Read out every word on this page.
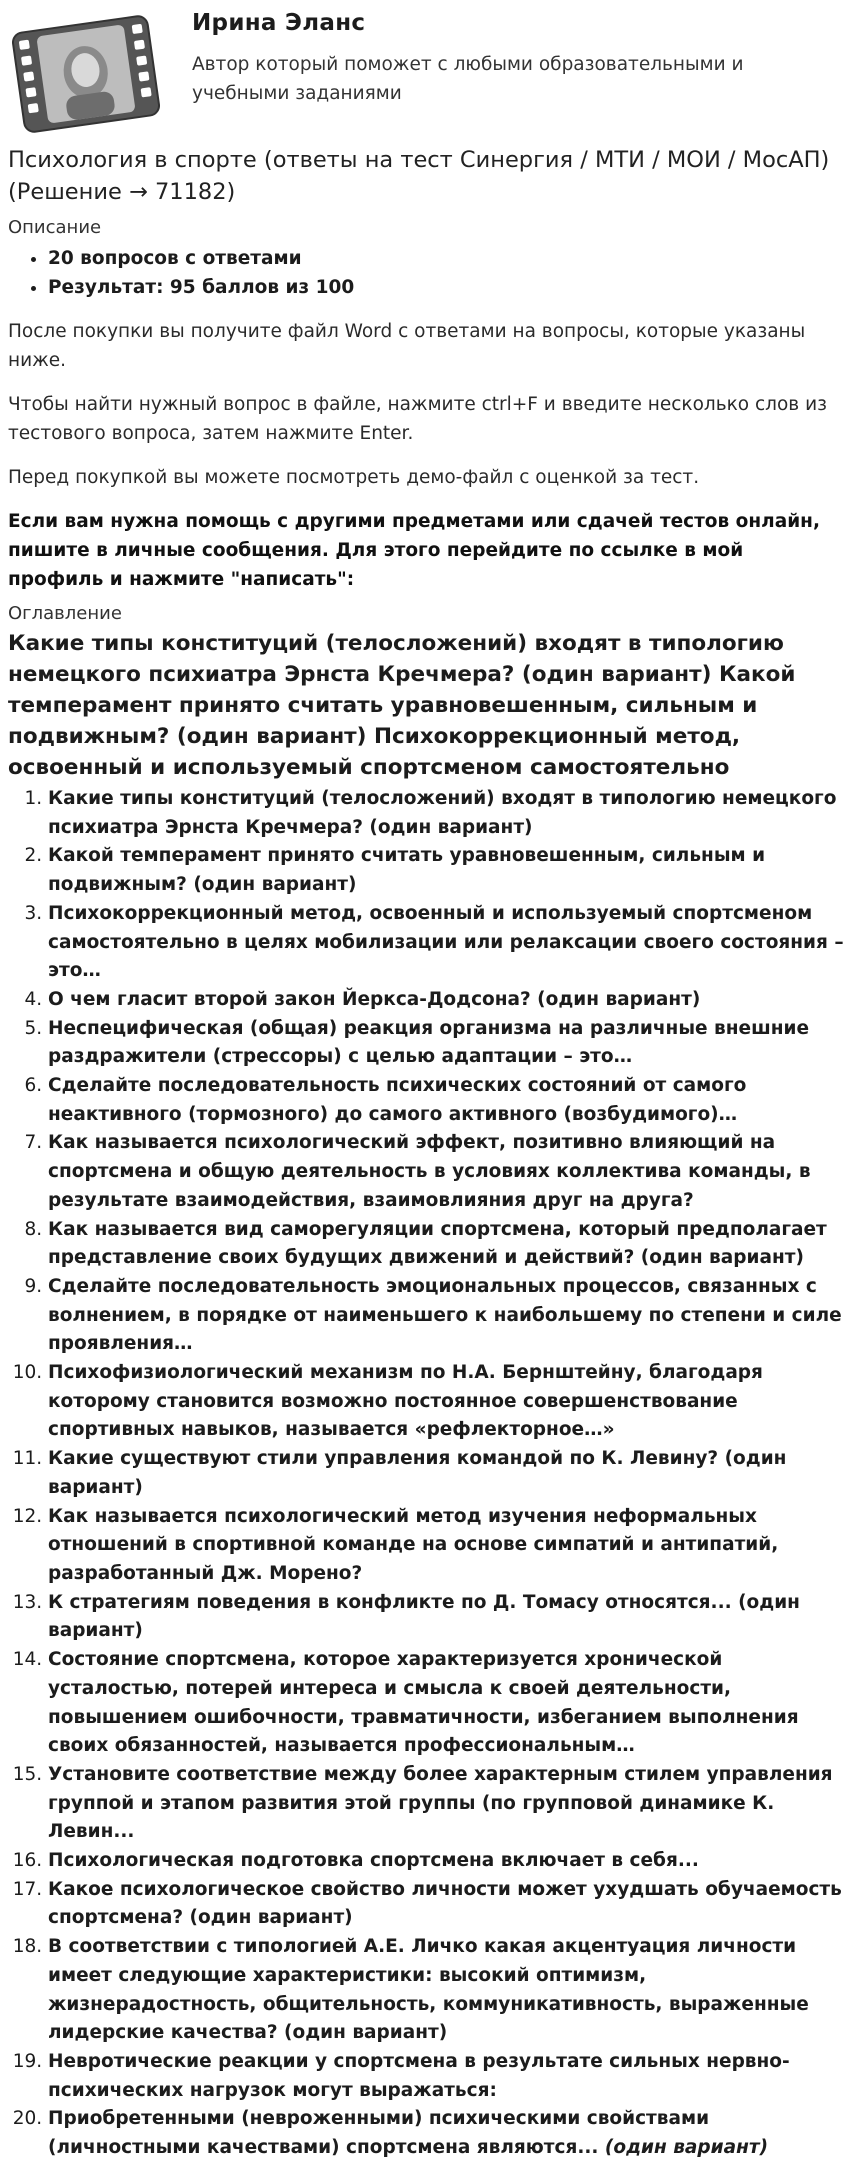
Ирина Эланс
Автор который поможет с любыми образовательными и учебными заданиями
Психология в спорте (ответы на тест Синергия / МТИ / МОИ / МосАП) (Решение → 71182)
Описание
• 20 вопросов с ответами
• Результат: 95 баллов из 100

После покупки вы получите файл Word с ответами на вопросы, которые указаны ниже.

Чтобы найти нужный вопрос в файле, нажмите ctrl+F и введите несколько слов из тестового вопроса, затем нажмите Enter.

Перед покупкой вы можете посмотреть демо-файл с оценкой за тест.

Если вам нужна помощь с другими предметами или сдачей тестов онлайн, пишите в личные сообщения. Для этого перейдите по ссылке в мой профиль и нажмите "написать":

Оглавление
Какие типы конституций (телосложений) входят в типологию немецкого психиатра Эрнста Кречмера? (один вариант) Какой темперамент принято считать уравновешенным, сильным и подвижным? (один вариант) Психокоррекционный метод, освоенный и используемый спортсменом самостоятельно
1. Какие типы конституций (телосложений) входят в типологию немецкого психиатра Эрнста Кречмера? (один вариант)
2. Какой темперамент принято считать уравновешенным, сильным и подвижным? (один вариант)
3. Психокоррекционный метод, освоенный и используемый спортсменом самостоятельно в целях мобилизации или релаксации своего состояния – это…
4. О чем гласит второй закон Йеркса-Додсона? (один вариант)
5. Неспецифическая (общая) реакция организма на различные внешние раздражители (стрессоры) с целью адаптации – это…
6. Сделайте последовательность психических состояний от самого неактивного (тормозного) до самого активного (возбудимого)…
7. Как называется психологический эффект, позитивно влияющий на спортсмена и общую деятельность в условиях коллектива команды, в результате взаимодействия, взаимовлияния друг на друга?
8. Как называется вид саморегуляции спортсмена, который предполагает представление своих будущих движений и действий? (один вариант)
9. Сделайте последовательность эмоциональных процессов, связанных с волнением, в порядке от наименьшего к наибольшему по степени и силе проявления…
10. Психофизиологический механизм по Н.А. Бернштейну, благодаря которому становится возможно постоянное совершенствование спортивных навыков, называется «рефлекторное…»
11. Какие существуют стили управления командой по К. Левину? (один вариант)
12. Как называется психологический метод изучения неформальных отношений в спортивной команде на основе симпатий и антипатий, разработанный Дж. Морено?
13. К стратегиям поведения в конфликте по Д. Томасу относятся... (один вариант)
14. Состояние спортсмена, которое характеризуется хронической усталостью, потерей интереса и смысла к своей деятельности, повышением ошибочности, травматичности, избеганием выполнения своих обязанностей, называется профессиональным…
15. Установите соответствие между более характерным стилем управления группой и этапом развития этой группы (по групповой динамике К. Левин...
16. Психологическая подготовка спортсмена включает в себя...
17. Какое психологическое свойство личности может ухудшать обучаемость спортсмена? (один вариант)
18. В соответствии с типологией А.Е. Личко какая акцентуация личности имеет следующие характеристики: высокий оптимизм, жизнерадостность, общительность, коммуникативность, выраженные лидерские качества? (один вариант)
19. Невротические реакции у спортсмена в результате сильных нервно-психических нагрузок могут выражаться:
20. Приобретенными (невроженными) психическими свойствами (личностными качествами) спортсмена являются... (один вариант)
